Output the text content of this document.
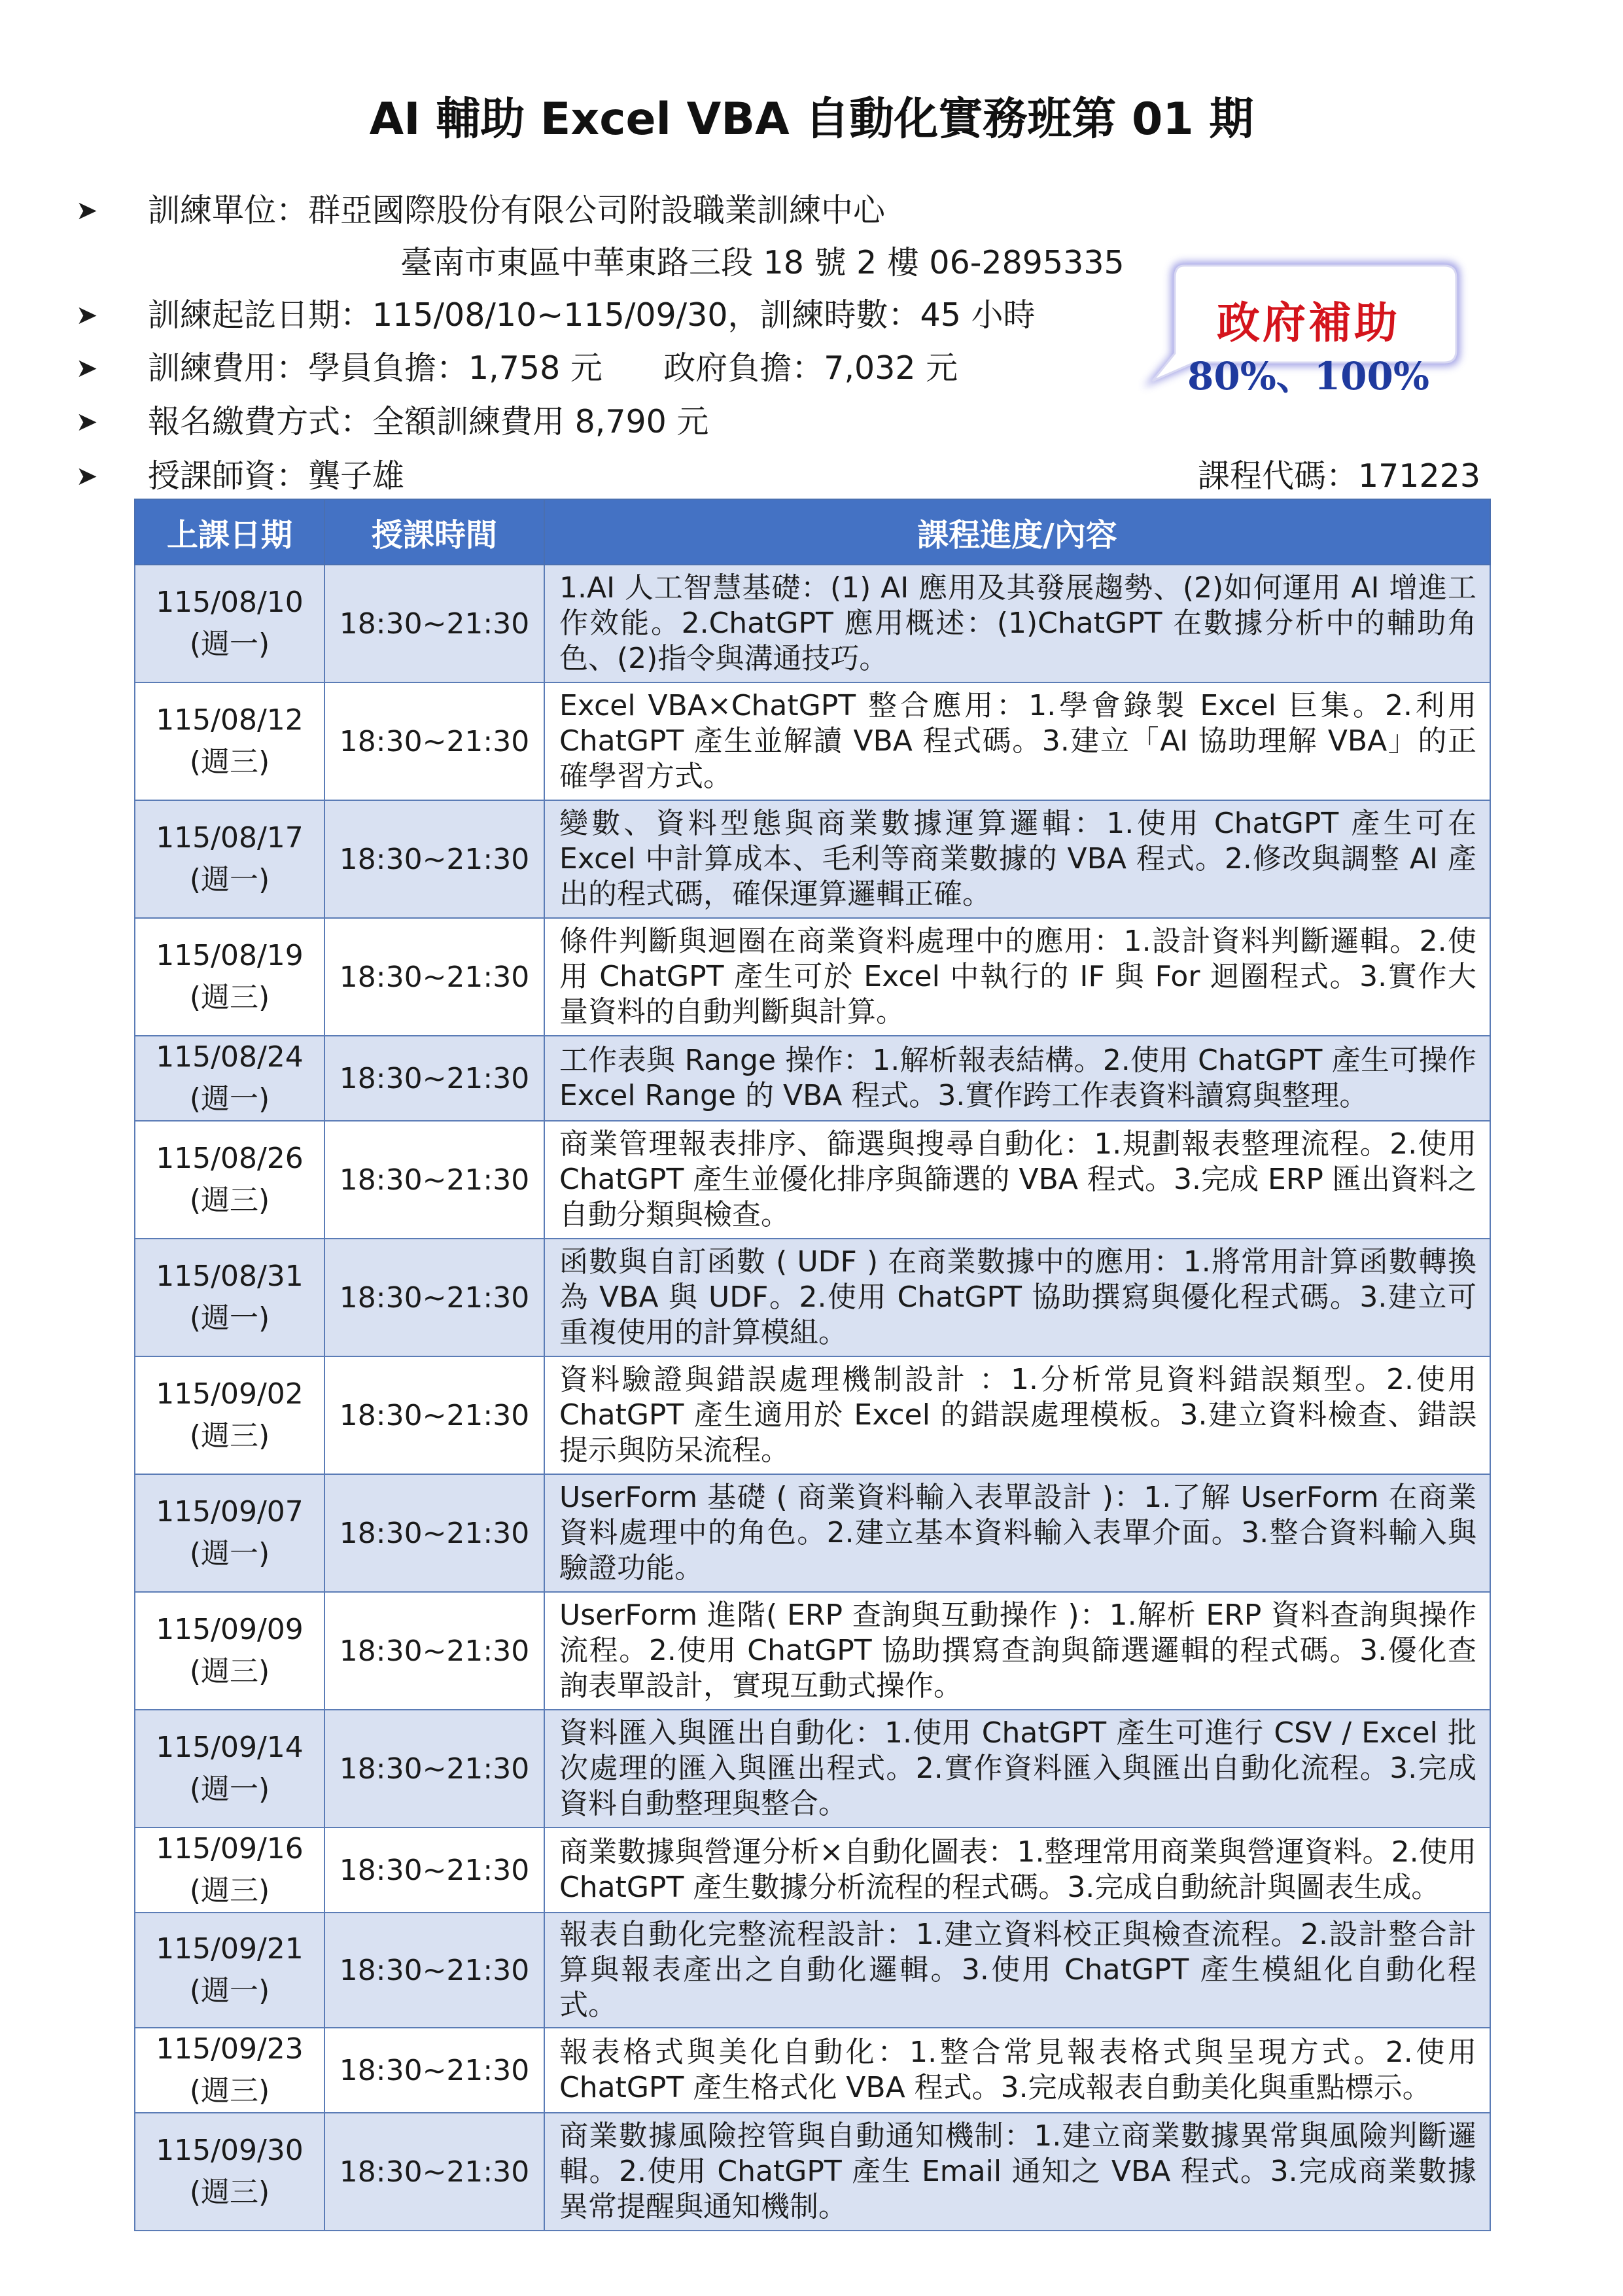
AI 輔助 Excel VBA 自動化實務班第 01 期
➤ 訓練單位：群亞國際股份有限公司附設職業訓練中心
臺南市東區中華東路三段 18 號 2 樓 06-2895335
➤ 訓練起訖日期：115/08/10~115/09/30，訓練時數：45 小時
➤ 訓練費用：學員負擔：1,758 元      政府負擔：7,032 元
➤ 報名繳費方式：全額訓練費用 8,790 元
➤ 授課師資：龔子雄	課程代碼：171223
政府補助
80%、100%
上課日期	授課時間	課程進度/內容

115/08/10
(週一)	18:30~21:30	1.AI 人工智慧基礎：(1) AI 應用及其發展趨勢、(2)如何運用 AI 增進工作效能。2.ChatGPT 應用概述：(1)ChatGPT 在數據分析中的輔助角色、(2)指令與溝通技巧。

115/08/12
(週三)	18:30~21:30	Excel VBA×ChatGPT 整合應用：1.學會錄製 Excel 巨集。2.利用 ChatGPT 產生並解讀 VBA 程式碼。3.建立「AI 協助理解 VBA」的正確學習方式。

115/08/17
(週一)	18:30~21:30	變數、資料型態與商業數據運算邏輯：1.使用 ChatGPT 產生可在 Excel 中計算成本、毛利等商業數據的 VBA 程式。2.修改與調整 AI 產出的程式碼，確保運算邏輯正確。

115/08/19
(週三)	18:30~21:30	條件判斷與迴圈在商業資料處理中的應用：1.設計資料判斷邏輯。2.使用 ChatGPT 產生可於 Excel 中執行的 IF 與 For 迴圈程式。3.實作大量資料的自動判斷與計算。

115/08/24
(週一)	18:30~21:30	工作表與 Range 操作：1.解析報表結構。2.使用 ChatGPT 產生可操作 Excel Range 的 VBA 程式。3.實作跨工作表資料讀寫與整理。

115/08/26
(週三)	18:30~21:30	商業管理報表排序、篩選與搜尋自動化：1.規劃報表整理流程。2.使用 ChatGPT 產生並優化排序與篩選的 VBA 程式。3.完成 ERP 匯出資料之自動分類與檢查。

115/08/31
(週一)	18:30~21:30	函數與自訂函數 ( UDF ) 在商業數據中的應用：1.將常用計算函數轉換為 VBA 與 UDF。2.使用 ChatGPT 協助撰寫與優化程式碼。3.建立可重複使用的計算模組。

115/09/02
(週三)	18:30~21:30	資料驗證與錯誤處理機制設計 ：1.分析常見資料錯誤類型。2.使用 ChatGPT 產生適用於 Excel 的錯誤處理模板。3.建立資料檢查、錯誤提示與防呆流程。

115/09/07
(週一)	18:30~21:30	UserForm 基礎 ( 商業資料輸入表單設計 )：1.了解 UserForm 在商業資料處理中的角色。2.建立基本資料輸入表單介面。3.整合資料輸入與驗證功能。

115/09/09
(週三)	18:30~21:30	UserForm 進階( ERP 查詢與互動操作 )：1.解析 ERP 資料查詢與操作流程。2.使用 ChatGPT 協助撰寫查詢與篩選邏輯的程式碼。3.優化查詢表單設計，實現互動式操作。

115/09/14
(週一)	18:30~21:30	資料匯入與匯出自動化：1.使用 ChatGPT 產生可進行 CSV / Excel 批次處理的匯入與匯出程式。2.實作資料匯入與匯出自動化流程。3.完成資料自動整理與整合。

115/09/16
(週三)	18:30~21:30	商業數據與營運分析×自動化圖表：1.整理常用商業與營運資料。2.使用 ChatGPT 產生數據分析流程的程式碼。3.完成自動統計與圖表生成。

115/09/21
(週一)	18:30~21:30	報表自動化完整流程設計：1.建立資料校正與檢查流程。2.設計整合計算與報表產出之自動化邏輯。3.使用 ChatGPT 產生模組化自動化程式。

115/09/23
(週三)	18:30~21:30	報表格式與美化自動化：1.整合常見報表格式與呈現方式。2.使用 ChatGPT 產生格式化 VBA 程式。3.完成報表自動美化與重點標示。

115/09/30
(週三)	18:30~21:30	商業數據風險控管與自動通知機制：1.建立商業數據異常與風險判斷邏輯。2.使用 ChatGPT 產生 Email 通知之 VBA 程式。3.完成商業數據異常提醒與通知機制。
